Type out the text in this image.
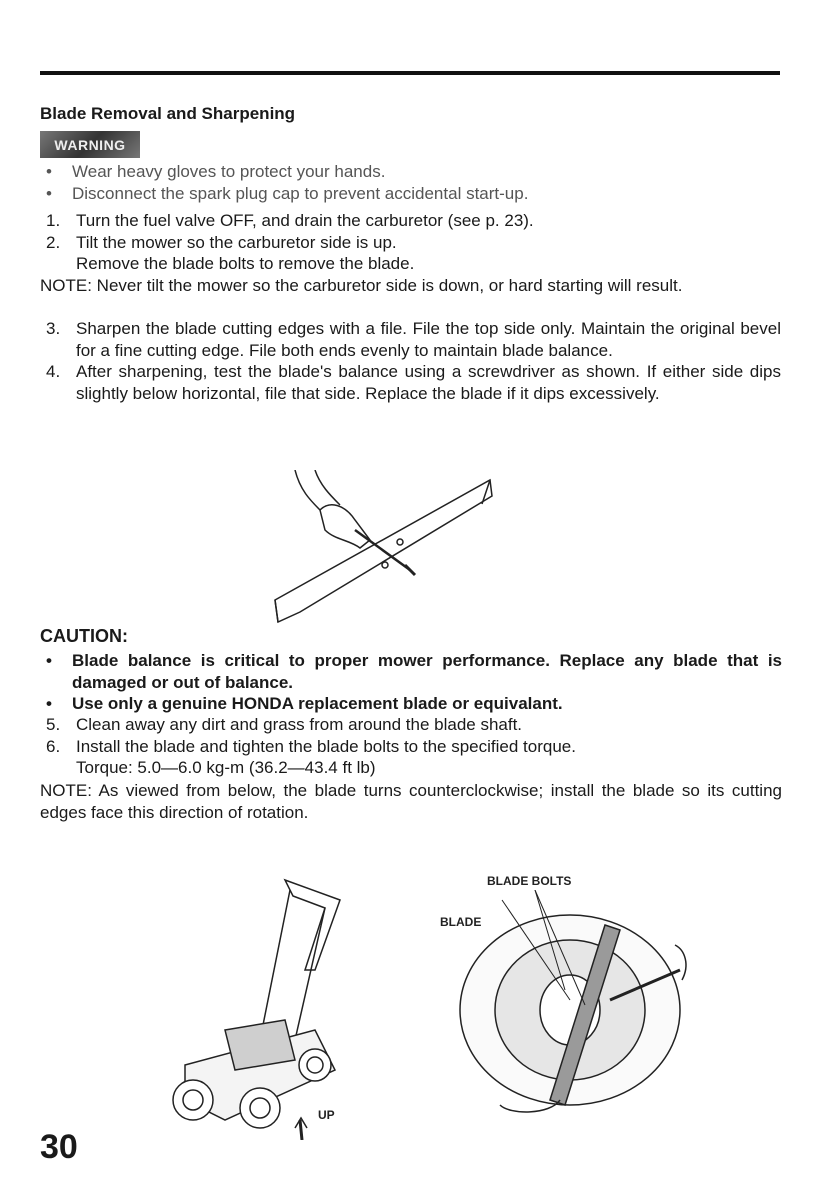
Blade Removal and Sharpening
WARNING
•	Wear heavy gloves to protect your hands.
•	Disconnect the spark plug cap to prevent accidental start-up.
1. Turn the fuel valve OFF, and drain the carburetor (see p. 23).
2. Tilt the mower so the carburetor side is up.
Remove the blade bolts to remove the blade.
NOTE: Never tilt the mower so the carburetor side is down, or hard starting will result.
3. Sharpen the blade cutting edges with a file. File the top side only. Maintain the original bevel for a fine cutting edge. File both ends evenly to maintain blade balance.
4. After sharpening, test the blade's balance using a screwdriver as shown. If either side dips slightly below horizontal, file that side. Replace the blade if it dips excessively.
CAUTION:
•	Blade balance is critical to proper mower performance. Replace any blade that is damaged or out of balance.
•	Use only a genuine HONDA replacement blade or equivalant.
5. Clean away any dirt and grass from around the blade shaft.
6. Install the blade and tighten the blade bolts to the specified torque.
Torque: 5.0—6.0 kg-m (36.2—43.4 ft lb)
NOTE: As viewed from below, the blade turns counterclockwise; install the blade so its cutting edges face this direction of rotation.
UP
BLADE BOLTS
BLADE
30
